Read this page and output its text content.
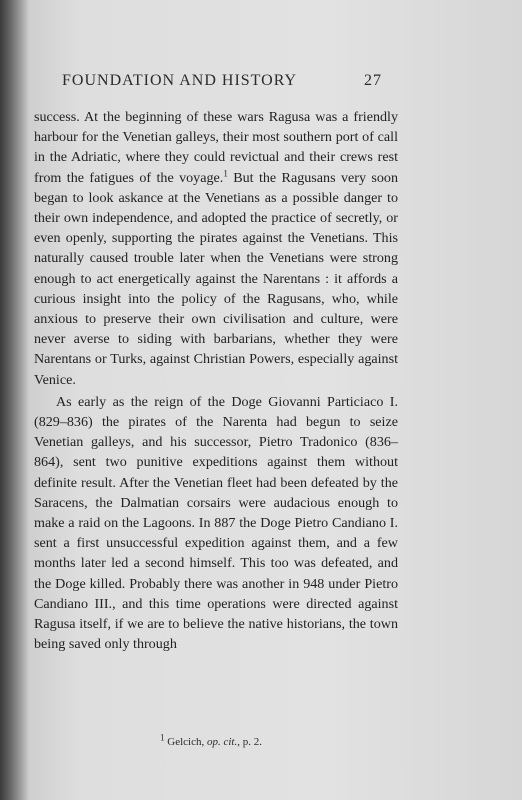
FOUNDATION AND HISTORY	27

success. At the beginning of these wars Ragusa was a friendly harbour for the Venetian galleys, their most southern port of call in the Adriatic, where they could revictual and their crews rest from the fatigues of the voyage.$^1$ But the Ragusans very soon began to look askance at the Venetians as a possible danger to their own independence, and adopted the practice of secretly, or even openly, supporting the pirates against the Venetians. This naturally caused trouble later when the Venetians were strong enough to act energetically against the Narentans : it affords a curious insight into the policy of the Ragusans, who, while anxious to preserve their own civilisation and culture, were never averse to siding with barbarians, whether they were Narentans or Turks, against Christian Powers, especially against Venice.

As early as the reign of the Doge Giovanni Particiaco I. (829–836) the pirates of the Narenta had begun to seize Venetian galleys, and his successor, Pietro Tradonico (836–864), sent two punitive expeditions against them without definite result. After the Venetian fleet had been defeated by the Saracens, the Dalmatian corsairs were audacious enough to make a raid on the Lagoons. In 887 the Doge Pietro Candiano I. sent a first unsuccessful expedition against them, and a few months later led a second himself. This too was defeated, and the Doge killed. Probably there was another in 948 under Pietro Candiano III., and this time operations were directed against Ragusa itself, if we are to believe the native historians, the town being saved only through

$^1$ Gelcich, op. cit., p. 2.
